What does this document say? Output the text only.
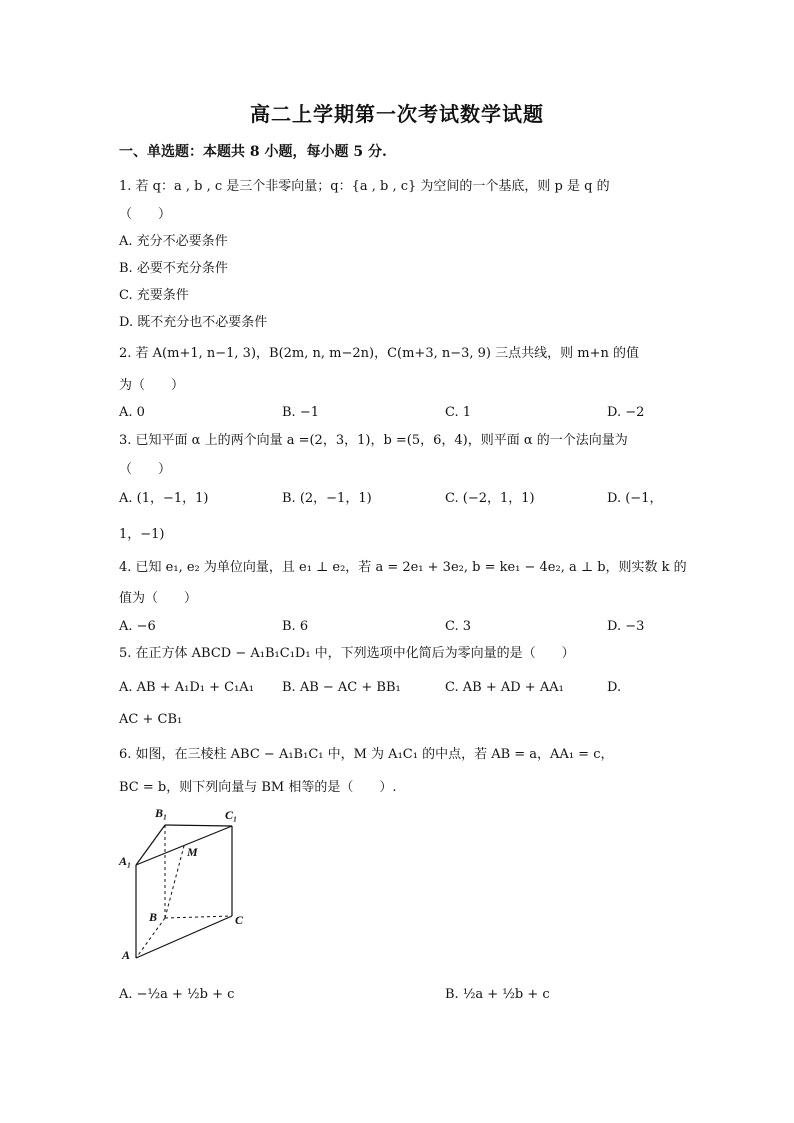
高二上学期第一次考试数学试题
一、单选题：本题共 8 小题，每小题 5 分.
1. 若 q：a , b , c 是三个非零向量；q：{a , b , c} 为空间的一个基底，则 p 是 q 的
（　　）
A. 充分不必要条件
B. 必要不充分条件
C. 充要条件
D. 既不充分也不必要条件
2. 若 A(m+1, n−1, 3)，B(2m, n, m−2n)，C(m+3, n−3, 9) 三点共线，则 m+n 的值
为（　　）
A. 0	B. −1	C. 1	D. −2
3. 已知平面 α 上的两个向量 a =(2，3，1)，b =(5，6，4)，则平面 α 的一个法向量为
（　　）
A. (1，−1，1)	B. (2，−1，1)	C. (−2，1，1)	D. (−1，
1，−1)
4. 已知 e₁, e₂ 为单位向量，且 e₁ ⊥ e₂，若 a = 2e₁ + 3e₂, b = ke₁ − 4e₂, a ⊥ b，则实数 k 的
值为（　　）
A. −6	B. 6	C. 3	D. −3
5. 在正方体 ABCD − A₁B₁C₁D₁ 中，下列选项中化简后为零向量的是（　　）
A. AB + A₁D₁ + C₁A₁ B. AB − AC + BB₁	C. AB + AD + AA₁	D.
AC + CB₁
6. 如图，在三棱柱 ABC − A₁B₁C₁ 中，M 为 A₁C₁ 的中点，若 AB = a，AA₁ = c，
BC = b，则下列向量与 BM 相等的是（　　）.
B₁	C₁
A₁
M
B	C
A
A. −½a + ½b + c	B. ½a + ½b + c
